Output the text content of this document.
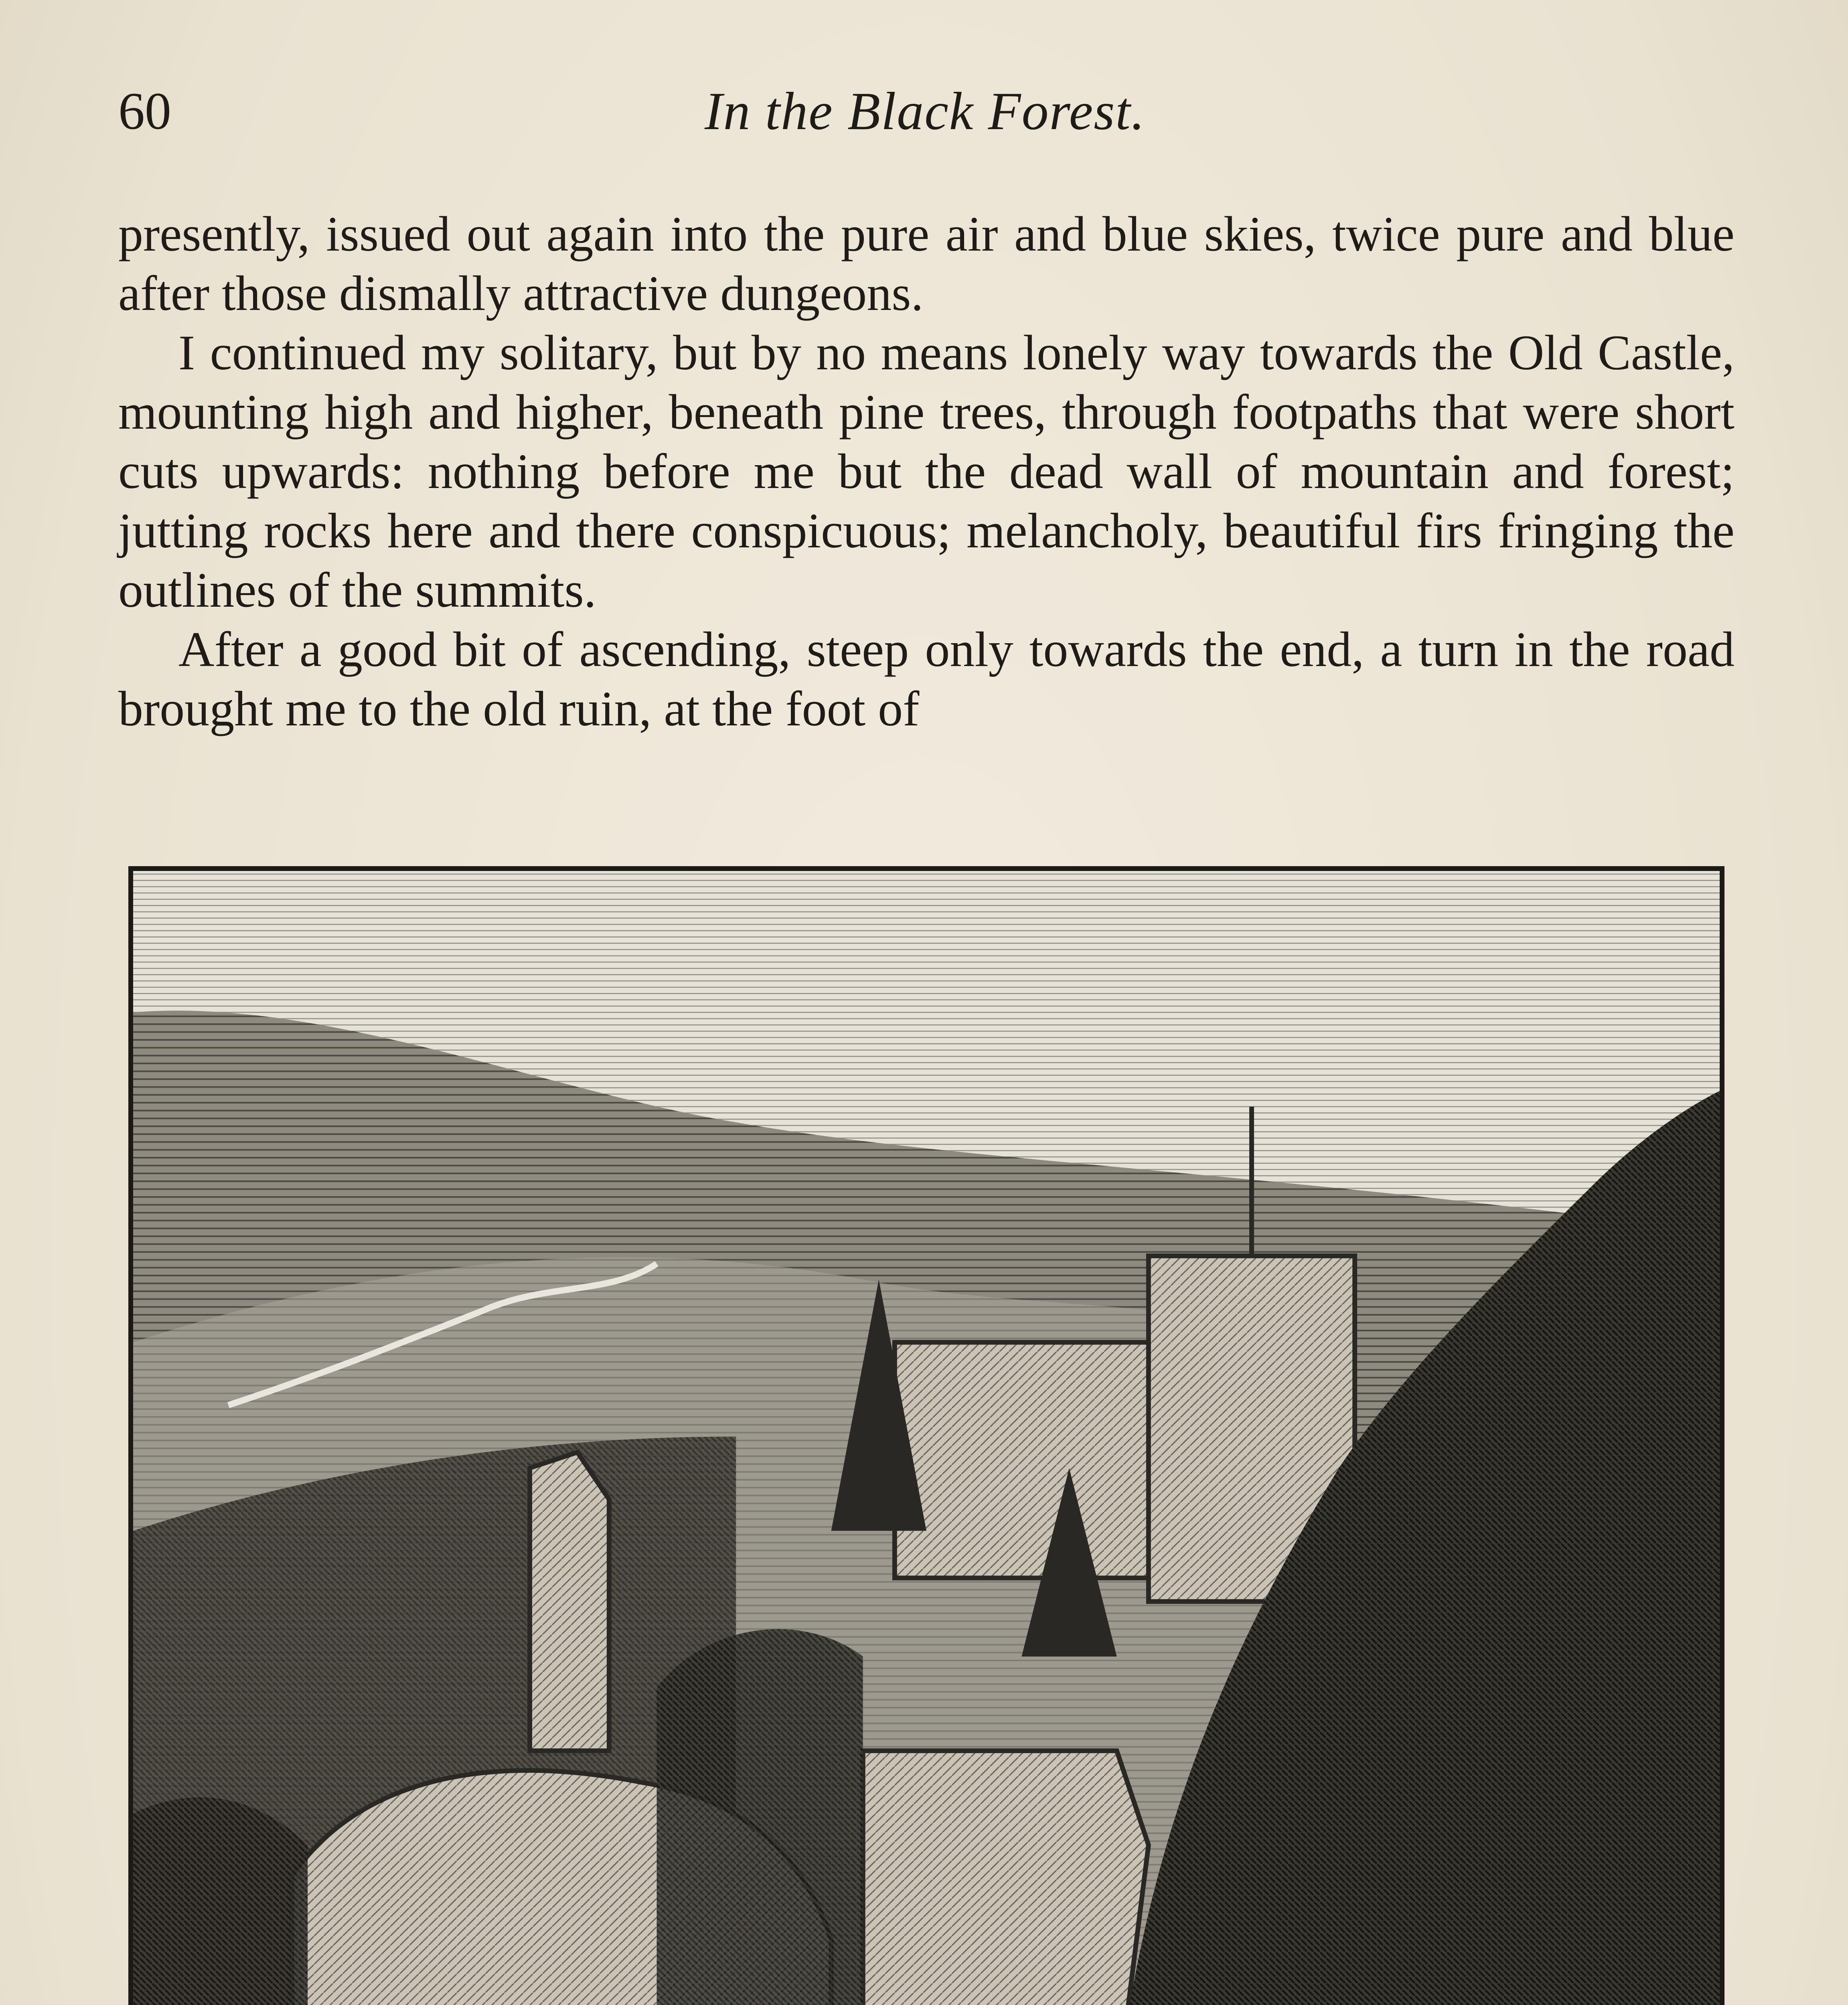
60	In the Black Forest.

presently, issued out again into the pure air and blue skies, twice pure and blue after those dismally attractive dungeons.

I continued my solitary, but by no means lonely way towards the Old Castle, mounting high and higher, beneath pine trees, through footpaths that were short cuts upwards: nothing before me but the dead wall of mountain and forest; jutting rocks here and there conspicuous; melancholy, beautiful firs fringing the outlines of the summits.

After a good bit of ascending, steep only towards the end, a turn in the road brought me to the old ruin, at the foot of
